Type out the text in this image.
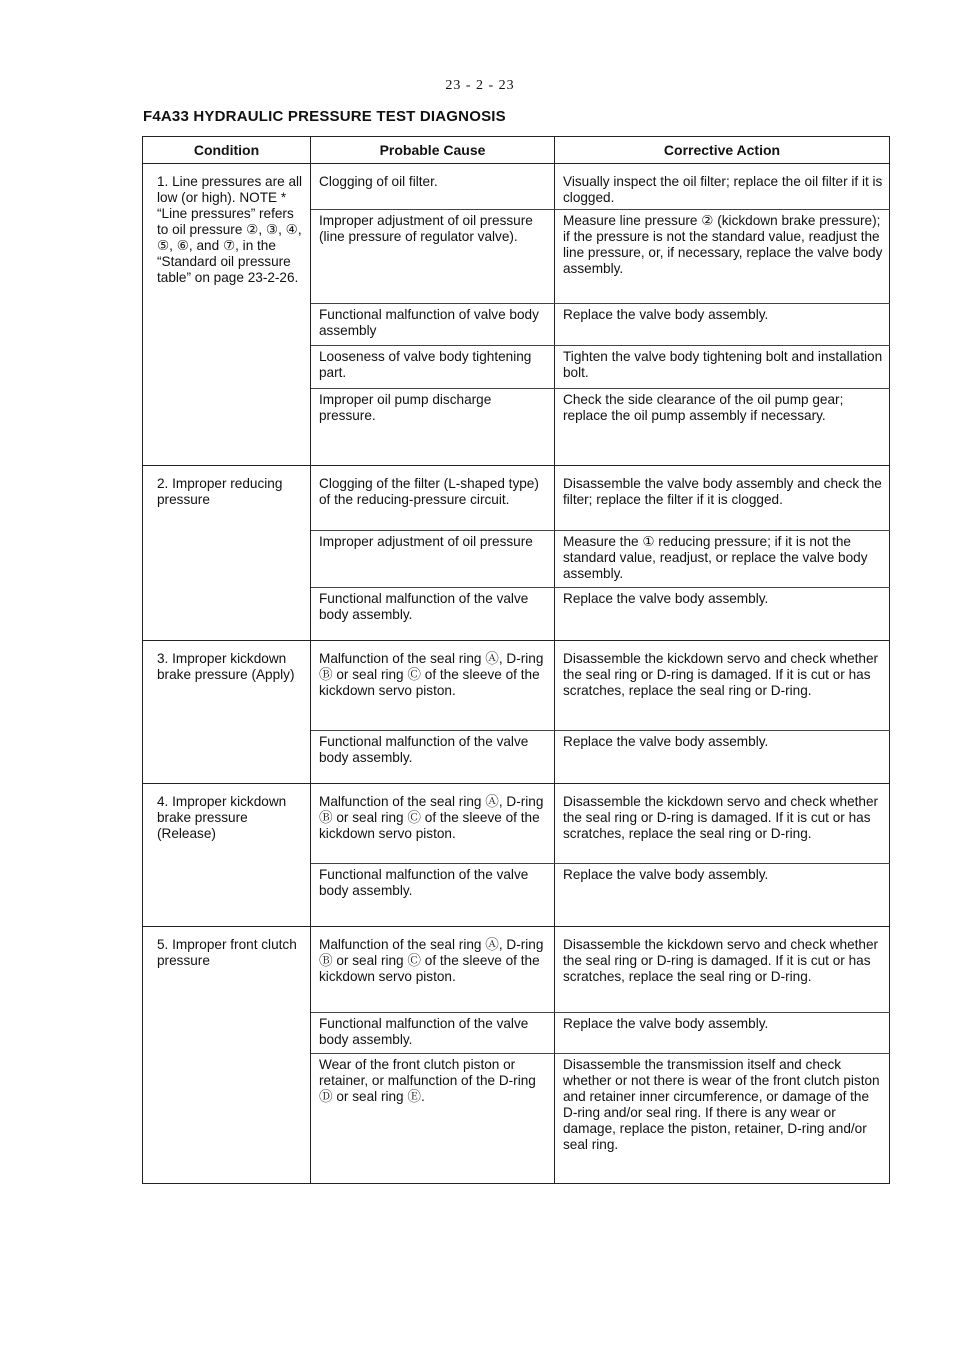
23 - 2 - 23
F4A33 HYDRAULIC PRESSURE TEST DIAGNOSIS
Condition	Probable Cause	Corrective Action

1. Line pressures are all low (or high). NOTE * “Line pressures” refers to oil pressure ②, ③, ④, ⑤, ⑥, and ⑦, in the “Standard oil pressure table” on page 23-2-26.	Clogging of oil filter.	Visually inspect the oil filter; replace the oil filter if it is clogged.

	Improper adjustment of oil pressure (line pressure of regulator valve).	Measure line pressure ② (kickdown brake pressure); if the pressure is not the standard value, readjust the line pressure, or, if necessary, replace the valve body assembly.

	Functional malfunction of valve body assembly	Replace the valve body assembly.

	Looseness of valve body tightening part.	Tighten the valve body tightening bolt and installation bolt.

	Improper oil pump discharge pressure.	Check the side clearance of the oil pump gear; replace the oil pump assembly if necessary.

2. Improper reducing pressure	Clogging of the filter (L-shaped type) of the reducing-pressure circuit.	Disassemble the valve body assembly and check the filter; replace the filter if it is clogged.

	Improper adjustment of oil pressure	Measure the ① reducing pressure; if it is not the standard value, readjust, or replace the valve body assembly.

	Functional malfunction of the valve body assembly.	Replace the valve body assembly.

3. Improper kickdown brake pressure (Apply)	Malfunction of the seal ring Ⓐ, D-ring Ⓑ or seal ring Ⓒ of the sleeve of the kickdown servo piston.	Disassemble the kickdown servo and check whether the seal ring or D-ring is damaged. If it is cut or has scratches, replace the seal ring or D-ring.

	Functional malfunction of the valve body assembly.	Replace the valve body assembly.

4. Improper kickdown brake pressure (Release)	Malfunction of the seal ring Ⓐ, D-ring Ⓑ or seal ring Ⓒ of the sleeve of the kickdown servo piston.	Disassemble the kickdown servo and check whether the seal ring or D-ring is damaged. If it is cut or has scratches, replace the seal ring or D-ring.

	Functional malfunction of the valve body assembly.	Replace the valve body assembly.

5. Improper front clutch pressure	Malfunction of the seal ring Ⓐ, D-ring Ⓑ or seal ring Ⓒ of the sleeve of the kickdown servo piston.	Disassemble the kickdown servo and check whether the seal ring or D-ring is damaged. If it is cut or has scratches, replace the seal ring or D-ring.

	Functional malfunction of the valve body assembly.	Replace the valve body assembly.

	Wear of the front clutch piston or retainer, or malfunction of the D-ring Ⓓ or seal ring Ⓔ.	Disassemble the transmission itself and check whether or not there is wear of the front clutch piston and retainer inner circumference, or damage of the D-ring and/or seal ring. If there is any wear or damage, replace the piston, retainer, D-ring and/or seal ring.
